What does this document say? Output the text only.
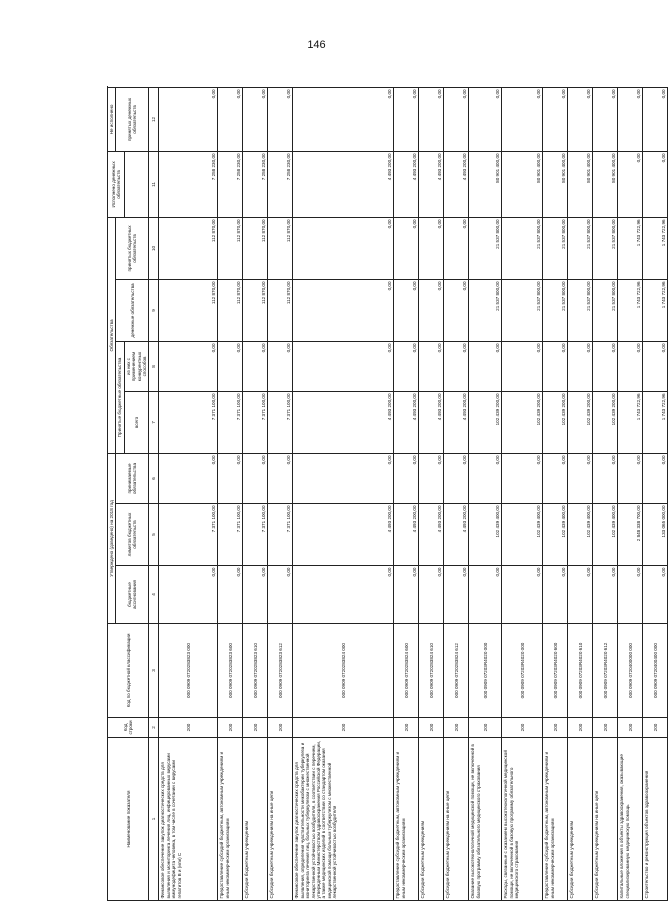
146
Наименование показателя	Код строки	Код по бюджетной классификации	Утверждено (доведено) на 2018 год			Обязательства				Исполнено денежных обязательств	Не исполнено
			бюджетные ассигнования	лимитов бюджетных обязательств	принимаемые обязательства	Принятые бюджетные обязательства		денежные обязательства	принятых бюджетных обязательств		принятых денежных обязательств
						всего	из них с применением конкурентных способов				
1	2	3	4	5	6	7	8	9	10	11	12
Финансовое обеспечение закупок диагностических средств для выявления и мониторинга лечения лиц, инфицированных вирусами иммунодефицита человека, в том числе в сочетании с вирусами гепатитов В и (или) С	200	000 0909 0720283823 000	0,00	7 371 100,00	0,00	7 371 100,00	0,00	112 870,00	112 870,00	7 258 230,00	0,00
Предоставление субсидий бюджетным, автономным учреждениям и иным некоммерческим организациям	200	000 0909 0720283823 600	0,00	7 371 100,00	0,00	7 371 100,00	0,00	112 870,00	112 870,00	7 258 230,00	0,00
Субсидии бюджетным учреждениям	200	000 0909 0720283823 610	0,00	7 371 100,00	0,00	7 371 100,00	0,00	112 870,00	112 870,00	7 258 230,00	0,00
Субсидии бюджетным учреждениям на иные цели	200	000 0909 0720283823 612	0,00	7 371 100,00	0,00	7 371 100,00	0,00	112 870,00	112 870,00	7 258 230,00	0,00
Финансовое обеспечение закупок диагностических средств для выявления, определения чувствительности микобактерии туберкулеза и мониторинга лечения лиц, больных туберкулезом с множественной лекарственной устойчивостью возбудителя, в соответствии с перечнем, утвержденным Министерством здравоохранения Российской Федерации, а также медицинских изделий в соответствии со стандартом оказания медицинской помощи больным туберкулезом с множественной лекарственной устойчивостью возбудителя	200	000 0909 0720283824 000	0,00	4 493 200,00	0,00	4 493 200,00	0,00	0,00	0,00	4 493 200,00	0,00
Предоставление субсидий бюджетным, автономным учреждениям и иным некоммерческим организациям	200	000 0909 0720283824 600	0,00	4 493 200,00	0,00	4 493 200,00	0,00	0,00	0,00	4 493 200,00	0,00
Субсидии бюджетным учреждениям	200	000 0909 0720283824 610	0,00	4 493 200,00	0,00	4 493 200,00	0,00	0,00	0,00	4 493 200,00	0,00
Субсидии бюджетным учреждениям на иные цели	200	000 0909 0720283824 612	0,00	4 493 200,00	0,00	4 493 200,00	0,00	0,00	0,00	4 493 200,00	0,00
Оказание высокотехнологичной медицинской помощи, не включенной в базовую программу обязательного медицинского страхования	200	000 0909 07203R4020 000	0,00	102 439 400,00	0,00	102 439 200,00	0,00	21 537 800,00	21 537 800,00	80 901 400,00	0,00
Расходы, связанные с оказанием высокотехнологичной медицинской помощи, не включенной в базовую программу обязательного медицинского страхования	200	000 0909 07203R4020 000	0,00	102 439 400,00	0,00	102 439 200,00	0,00	21 537 800,00	21 537 800,00	80 901 400,00	0,00
Предоставление субсидий бюджетным, автономным учреждениям и иным некоммерческим организациям	200	000 0909 07203R4020 600	0,00	102 439 400,00	0,00	102 439 200,00	0,00	21 537 800,00	21 537 800,00	80 901 400,00	0,00
Субсидии бюджетным учреждениям	200	000 0909 07203R4020 610	0,00	102 439 400,00	0,00	102 439 200,00	0,00	21 537 800,00	21 537 800,00	80 901 400,00	0,00
Субсидии бюджетным учреждениям на иные цели	200	000 0909 07203R4020 612	0,00	102 439 400,00	0,00	102 439 200,00	0,00	21 537 800,00	21 537 800,00	80 901 400,00	0,00
Капитальные вложения в объекты здравоохранения, оказывающие специализированную медицинскую помощь	200	000 0909 0720400000 000	0,00	2 848 338 700,00	0,00	1 743 722,96	0,00	1 743 722,96	1 743 722,96	0,00	0,00
Строительство и реконструкция объектов здравоохранения	200	000 0909 0720400400 000	0,00	133 065 000,00	0,00	1 743 722,96	0,00	1 743 722,96	1 743 722,96	0,00	0,00
